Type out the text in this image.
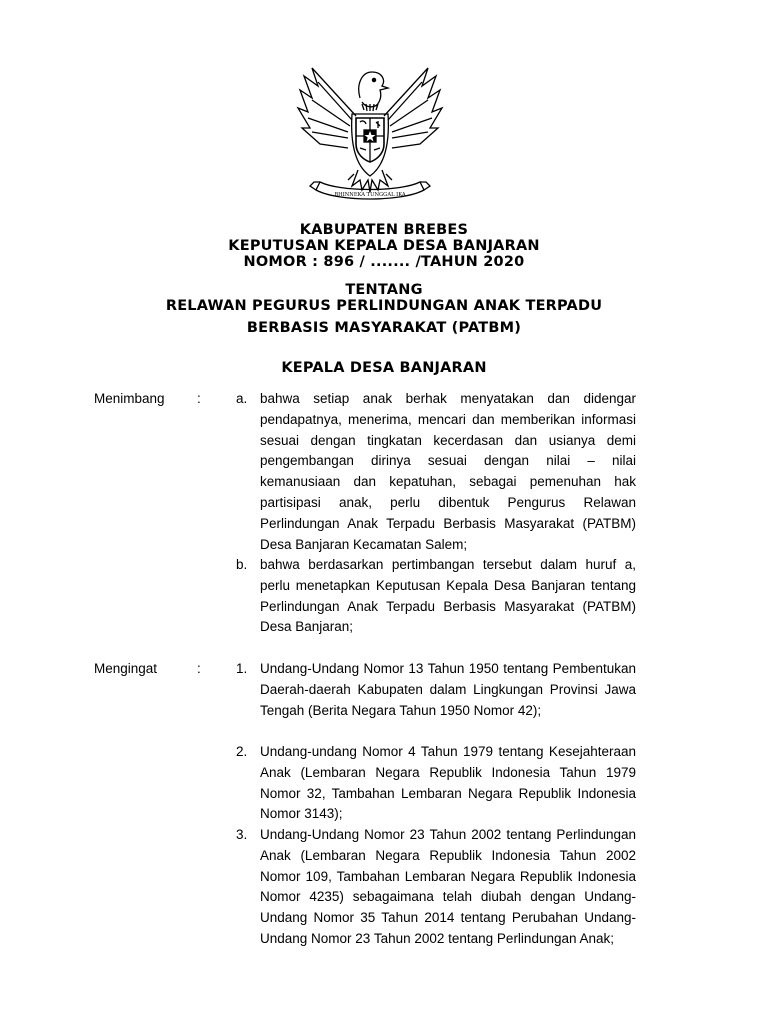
BHINNEKA TUNGGAL IKA
KABUPATEN BREBES
KEPUTUSAN KEPALA DESA BANJARAN
NOMOR : 896 / ....... /TAHUN 2020
TENTANG
RELAWAN PEGURUS PERLINDUNGAN ANAK TERPADU
BERBASIS MASYARAKAT (PATBM)
KEPALA DESA BANJARAN
Menimbang :	a. bahwa setiap anak berhak menyatakan dan didengar pendapatnya, menerima, mencari dan memberikan informasi sesuai dengan tingkatan kecerdasan dan usianya demi pengembangan dirinya sesuai dengan nilai – nilai kemanusiaan dan kepatuhan, sebagai pemenuhan hak partisipasi anak, perlu dibentuk Pengurus Relawan Perlindungan Anak Terpadu Berbasis Masyarakat (PATBM) Desa Banjaran Kecamatan Salem;
b. bahwa berdasarkan pertimbangan tersebut dalam huruf a, perlu menetapkan Keputusan Kepala Desa Banjaran tentang Perlindungan Anak Terpadu Berbasis Masyarakat (PATBM) Desa Banjaran;
Mengingat	:	1. Undang-Undang Nomor 13 Tahun 1950 tentang Pembentukan Daerah-daerah Kabupaten dalam Lingkungan Provinsi Jawa Tengah (Berita Negara Tahun 1950 Nomor 42);
2. Undang-undang Nomor 4 Tahun 1979 tentang Kesejahteraan Anak (Lembaran Negara Republik Indonesia Tahun 1979 Nomor 32, Tambahan Lembaran Negara Republik Indonesia Nomor 3143);
3. Undang-Undang Nomor 23 Tahun 2002 tentang Perlindungan Anak (Lembaran Negara Republik Indonesia Tahun 2002 Nomor 109, Tambahan Lembaran Negara Republik Indonesia Nomor 4235) sebagaimana telah diubah dengan Undang-Undang Nomor 35 Tahun 2014 tentang Perubahan Undang-Undang Nomor 23 Tahun 2002 tentang Perlindungan Anak;
